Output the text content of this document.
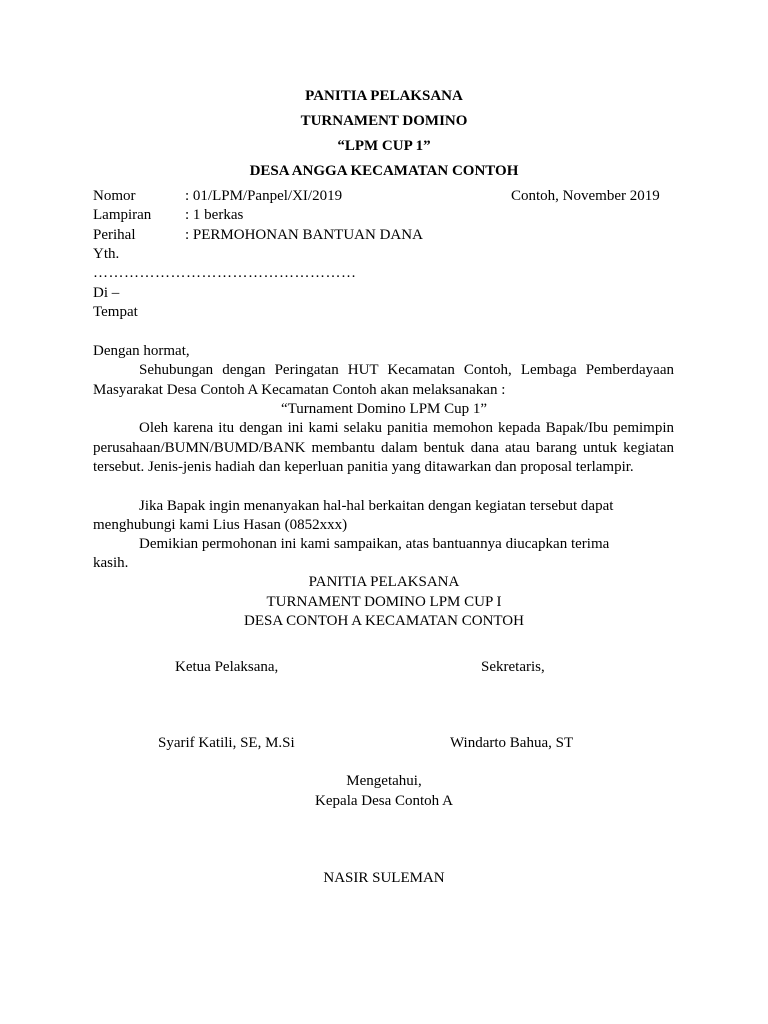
PANITIA PELAKSANA
TURNAMENT DOMINO
“LPM CUP 1”
DESA ANGGA KECAMATAN CONTOH
Nomor	: 01/LPM/Panpel/XI/2019	Contoh, November 2019
Lampiran : 1 berkas
Perihal	: PERMOHONAN BANTUAN DANA
Yth.
……………………………………………
Di –
Tempat
Dengan hormat,
Sehubungan dengan Peringatan HUT Kecamatan Contoh, Lembaga Pemberdayaan
Masyarakat Desa Contoh A Kecamatan Contoh akan melaksanakan :
“Turnament Domino LPM Cup 1”
Oleh karena itu dengan ini kami selaku panitia memohon kepada Bapak/Ibu pemimpin perusahaan/BUMN/BUMD/BANK membantu dalam bentuk dana atau barang untuk kegiatan tersebut. Jenis-jenis hadiah dan keperluan panitia yang ditawarkan dan proposal terlampir.
Jika Bapak ingin menanyakan hal-hal berkaitan dengan kegiatan tersebut dapat
menghubungi kami Lius Hasan (0852xxx)
Demikian permohonan ini kami sampaikan, atas bantuannya diucapkan terima
kasih.
PANITIA PELAKSANA
TURNAMENT DOMINO LPM CUP I
DESA CONTOH A KECAMATAN CONTOH
Ketua Pelaksana,	Sekretaris,
Syarif Katili, SE, M.Si	Windarto Bahua, ST
Mengetahui,
Kepala Desa Contoh A
NASIR SULEMAN
